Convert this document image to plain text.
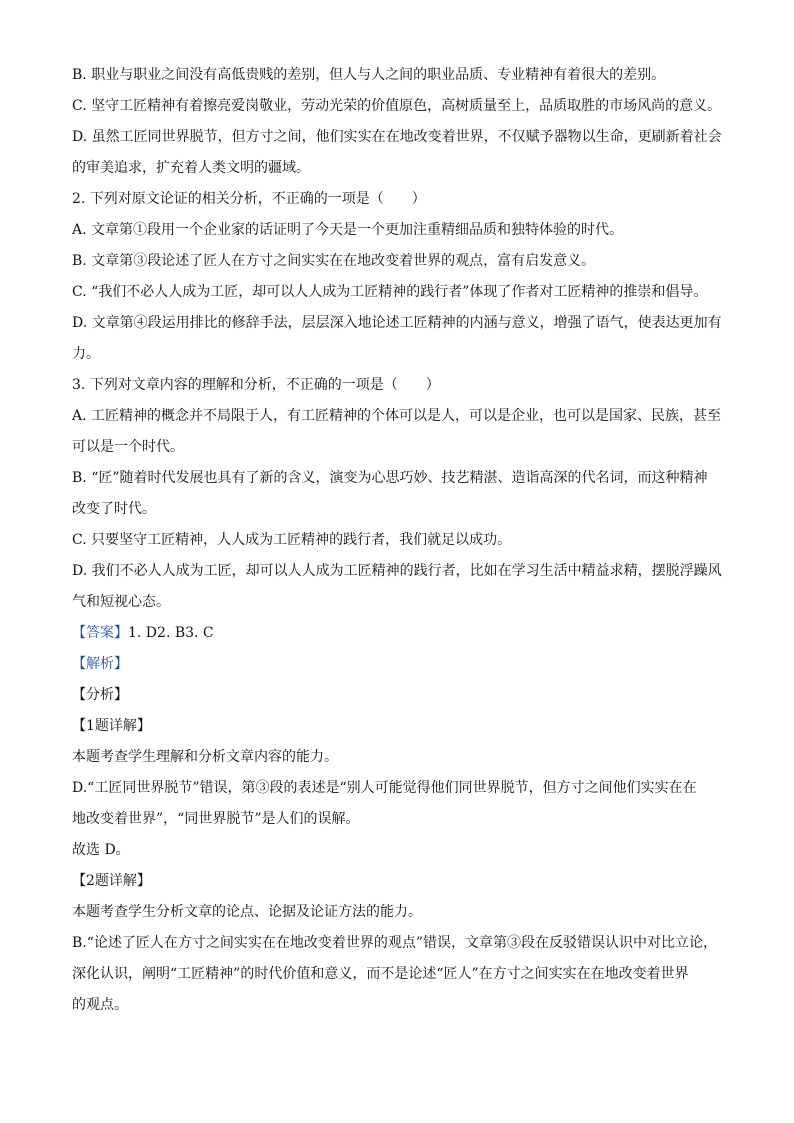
B. 职业与职业之间没有高低贵贱的差别，但人与人之间的职业品质、专业精神有着很大的差别。
C. 坚守工匠精神有着擦亮爱岗敬业，劳动光荣的价值原色，高树质量至上，品质取胜的市场风尚的意义。
D. 虽然工匠同世界脱节，但方寸之间，他们实实在在地改变着世界，不仅赋予器物以生命，更刷新着社会
的审美追求，扩充着人类文明的疆域。
2. 下列对原文论证的相关分析，不正确的一项是（　　）
A. 文章第①段用一个企业家的话证明了今天是一个更加注重精细品质和独特体验的时代。
B. 文章第③段论述了匠人在方寸之间实实在在地改变着世界的观点，富有启发意义。
C. “我们不必人人成为工匠，却可以人人成为工匠精神的践行者”体现了作者对工匠精神的推崇和倡导。
D. 文章第④段运用排比的修辞手法，层层深入地论述工匠精神的内涵与意义，增强了语气，使表达更加有
力。
3. 下列对文章内容的理解和分析，不正确的一项是（　　）
A. 工匠精神的概念并不局限于人，有工匠精神的个体可以是人，可以是企业，也可以是国家、民族，甚至
可以是一个时代。
B. “匠”随着时代发展也具有了新的含义，演变为心思巧妙、技艺精湛、造诣高深的代名词，而这种精神
改变了时代。
C. 只要坚守工匠精神，人人成为工匠精神的践行者，我们就足以成功。
D. 我们不必人人成为工匠，却可以人人成为工匠精神的践行者，比如在学习生活中精益求精，摆脱浮躁风
气和短视心态。
【答案】1. D2. B3. C
【解析】
【分析】
【1题详解】
本题考查学生理解和分析文章内容的能力。
D.“工匠同世界脱节”错误，第③段的表述是“别人可能觉得他们同世界脱节，但方寸之间他们实实在在
地改变着世界”，“同世界脱节”是人们的误解。
故选 D。
【2题详解】
本题考查学生分析文章的论点、论据及论证方法的能力。
B.“论述了匠人在方寸之间实实在在地改变着世界的观点”错误，文章第③段在反驳错误认识中对比立论，
深化认识，阐明“工匠精神”的时代价值和意义，而不是论述“匠人”在方寸之间实实在在地改变着世界
的观点。
